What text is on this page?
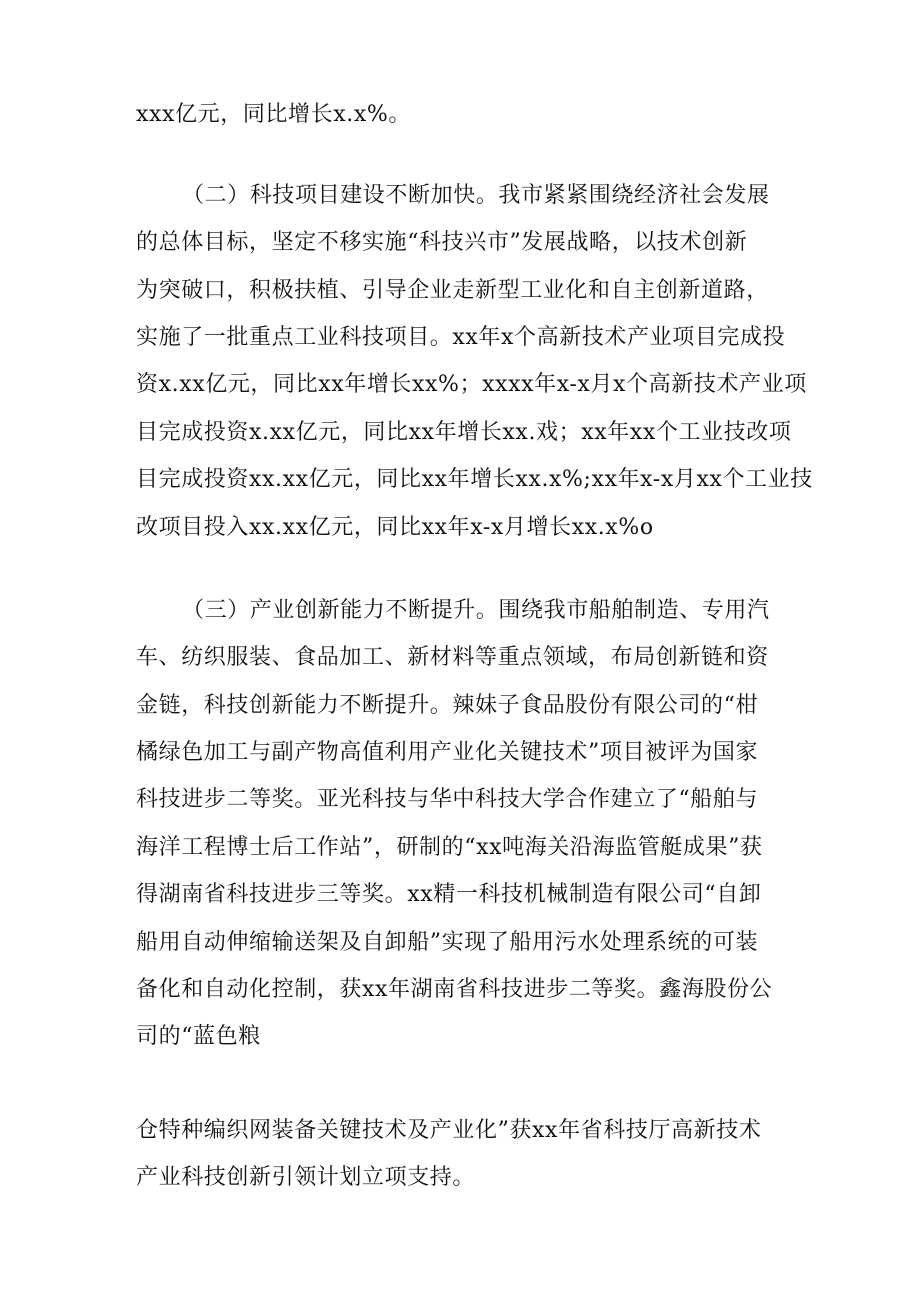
xxx亿元，同比增长x.x%。
（二）科技项目建设不断加快。我市紧紧围绕经济社会发展
的总体目标，坚定不移实施“科技兴市”发展战略，以技术创新
为突破口，积极扶植、引导企业走新型工业化和自主创新道路，
实施了一批重点工业科技项目。xx年x个高新技术产业项目完成投
资x.xx亿元，同比xx年增长xx%；xxxx年x-x月x个高新技术产业项
目完成投资x.xx亿元，同比xx年增长xx.戏；xx年xx个工业技改项
目完成投资xx.xx亿元，同比xx年增长xx.x%;xx年x-x月xx个工业技
改项目投入xx.xx亿元，同比xx年x-x月增长xx.x%o
（三）产业创新能力不断提升。围绕我市船舶制造、专用汽
车、纺织服装、食品加工、新材料等重点领域，布局创新链和资
金链，科技创新能力不断提升。辣妹子食品股份有限公司的“柑
橘绿色加工与副产物高值利用产业化关键技术”项目被评为国家
科技进步二等奖。亚光科技与华中科技大学合作建立了“船舶与
海洋工程博士后工作站”，研制的“xx吨海关沿海监管艇成果”获
得湖南省科技进步三等奖。xx精一科技机械制造有限公司“自卸
船用自动伸缩输送架及自卸船”实现了船用污水处理系统的可装
备化和自动化控制，获xx年湖南省科技进步二等奖。鑫海股份公
司的“蓝色粮
仓特种编织网装备关键技术及产业化”获xx年省科技厅高新技术
产业科技创新引领计划立项支持。
